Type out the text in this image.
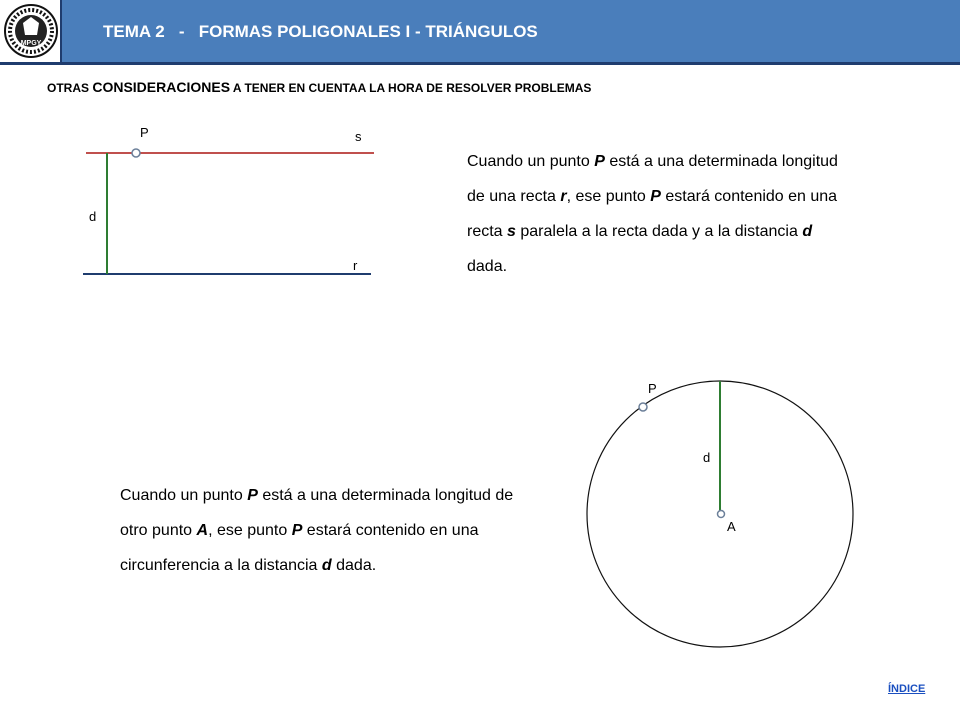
MPGY
TEMA 2   -   FORMAS POLIGONALES I - TRIÁNGULOS
OTRAS CONSIDERACIONES A TENER EN CUENTAA LA HORA DE RESOLVER PROBLEMAS
P	s
d
r
P
d
A
Cuando un punto P está a una determinada longitud de una recta r, ese punto P estará contenido en una recta s paralela a la recta dada y a la distancia d dada.
Cuando un punto P está a una determinada longitud de otro punto A, ese punto P estará contenido en una circunferencia a la distancia d dada.
ÍNDICE
